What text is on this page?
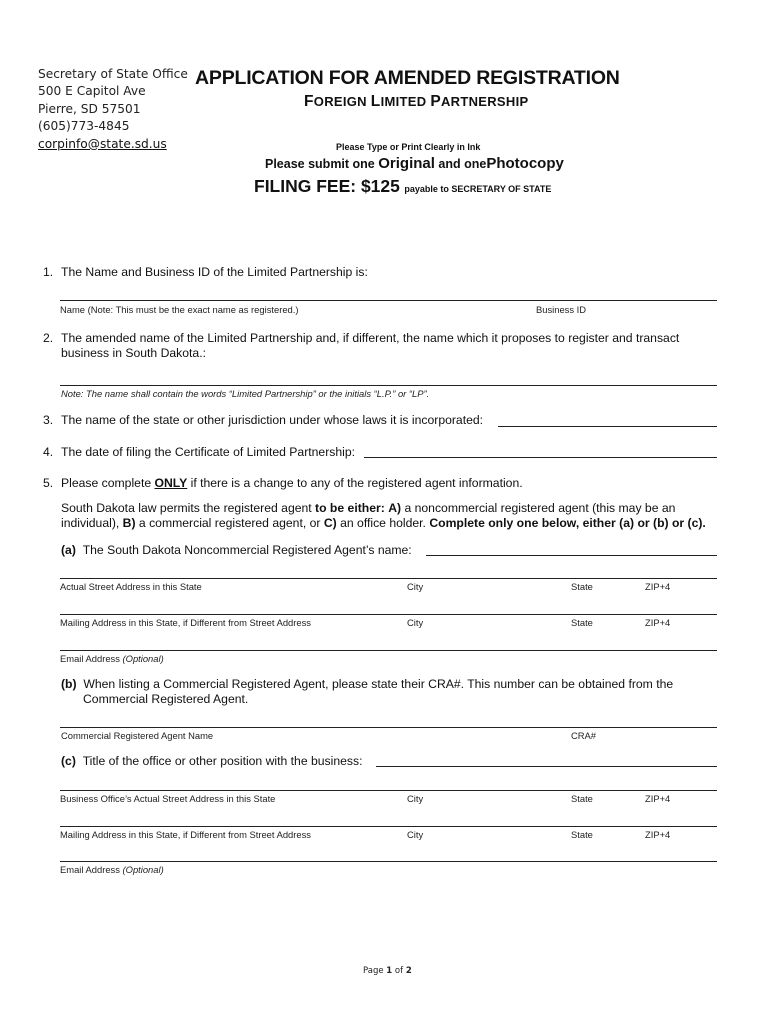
Secretary of State Office
500 E Capitol Ave
Pierre, SD 57501
(605)773-4845
corpinfo@state.sd.us
APPLICATION FOR AMENDED REGISTRATION
FOREIGN LIMITED PARTNERSHIP
Please Type or Print Clearly in Ink
Please submit one Original and onePhotocopy
FILING FEE: $125 payable to SECRETARY OF STATE
1. The Name and Business ID of the Limited Partnership is:
Name (Note: This must be the exact name as registered.)	Business ID
2. The amended name of the Limited Partnership and, if different, the name which it proposes to register and transact
business in South Dakota.:
Note: The name shall contain the words “Limited Partnership” or the initials “L.P.” or “LP”.
3. The name of the state or other jurisdiction under whose laws it is incorporated:
4. The date of filing the Certificate of Limited Partnership:
5. Please complete ONLY if there is a change to any of the registered agent information.
South Dakota law permits the registered agent to be either: A) a noncommercial registered agent (this may be an
individual), B) a commercial registered agent, or C) an office holder. Complete only one below, either (a) or (b) or (c).
(a) The South Dakota Noncommercial Registered Agent’s name:
Actual Street Address in this State	City	State	ZIP+4
Mailing Address in this State, if Different from Street Address	City	State	ZIP+4
Email Address (Optional)
(b) When listing a Commercial Registered Agent, please state their CRA#. This number can be obtained from the
Commercial Registered Agent.
Commercial Registered Agent Name	CRA#
(c) Title of the office or other position with the business:
Business Office’s Actual Street Address in this State	City	State	ZIP+4
Mailing Address in this State, if Different from Street Address	City	State	ZIP+4
Email Address (Optional)
Page 1 of 2
